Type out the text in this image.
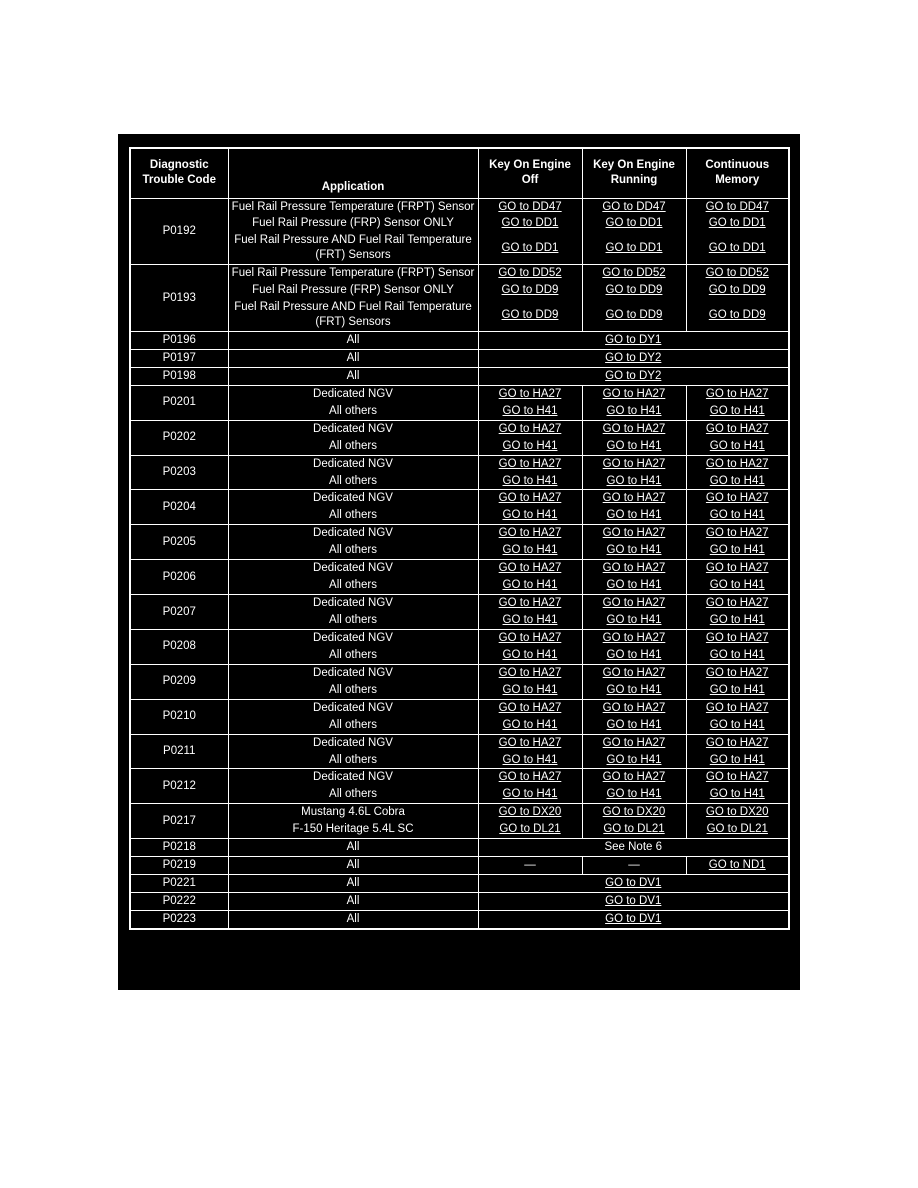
Diagnostic Trouble Code	Application	Key On Engine Off	Key On Engine Running	Continuous Memory
P0192	Fuel Rail Pressure Temperature (FRPT) Sensor	GO to DD47	GO to DD47	GO to DD47
	Fuel Rail Pressure (FRP) Sensor ONLY	GO to DD1	GO to DD1	GO to DD1
	Fuel Rail Pressure AND Fuel Rail Temperature (FRT) Sensors	GO to DD1	GO to DD1	GO to DD1
P0193	Fuel Rail Pressure Temperature (FRPT) Sensor	GO to DD52	GO to DD52	GO to DD52
	Fuel Rail Pressure (FRP) Sensor ONLY	GO to DD9	GO to DD9	GO to DD9
	Fuel Rail Pressure AND Fuel Rail Temperature (FRT) Sensors	GO to DD9	GO to DD9	GO to DD9
P0196	All	GO to DY1		
P0197	All	GO to DY2		
P0198	All	GO to DY2		
P0201	Dedicated NGV	GO to HA27	GO to HA27	GO to HA27
	All others	GO to H41	GO to H41	GO to H41
P0202	Dedicated NGV	GO to HA27	GO to HA27	GO to HA27
	All others	GO to H41	GO to H41	GO to H41
P0203	Dedicated NGV	GO to HA27	GO to HA27	GO to HA27
	All others	GO to H41	GO to H41	GO to H41
P0204	Dedicated NGV	GO to HA27	GO to HA27	GO to HA27
	All others	GO to H41	GO to H41	GO to H41
P0205	Dedicated NGV	GO to HA27	GO to HA27	GO to HA27
	All others	GO to H41	GO to H41	GO to H41
P0206	Dedicated NGV	GO to HA27	GO to HA27	GO to HA27
	All others	GO to H41	GO to H41	GO to H41
P0207	Dedicated NGV	GO to HA27	GO to HA27	GO to HA27
	All others	GO to H41	GO to H41	GO to H41
P0208	Dedicated NGV	GO to HA27	GO to HA27	GO to HA27
	All others	GO to H41	GO to H41	GO to H41
P0209	Dedicated NGV	GO to HA27	GO to HA27	GO to HA27
	All others	GO to H41	GO to H41	GO to H41
P0210	Dedicated NGV	GO to HA27	GO to HA27	GO to HA27
	All others	GO to H41	GO to H41	GO to H41
P0211	Dedicated NGV	GO to HA27	GO to HA27	GO to HA27
	All others	GO to H41	GO to H41	GO to H41
P0212	Dedicated NGV	GO to HA27	GO to HA27	GO to HA27
	All others	GO to H41	GO to H41	GO to H41
P0217	Mustang 4.6L Cobra	GO to DX20	GO to DX20	GO to DX20
	F-150 Heritage 5.4L SC	GO to DL21	GO to DL21	GO to DL21
P0218	All	See Note 6		
P0219	All	—	—	GO to ND1
P0221	All	GO to DV1		
P0222	All	GO to DV1		
P0223	All	GO to DV1		
